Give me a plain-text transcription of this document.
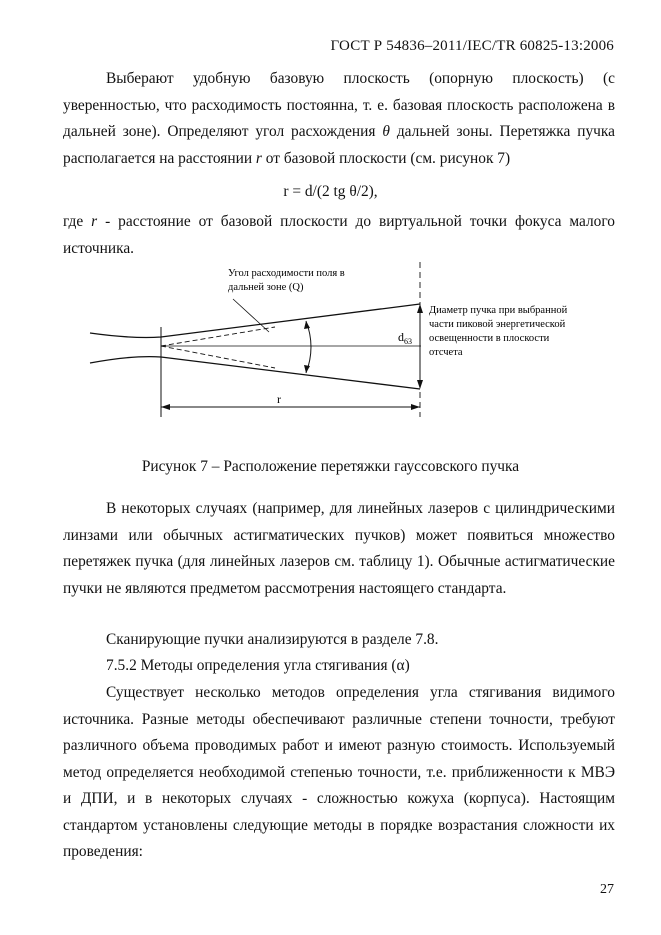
ГОСТ Р 54836–2011/IEC/TR 60825-13:2006

Выберают удобную базовую плоскость (опорную плоскость) (с уверенностью, что расходимость постоянна, т. е. базовая плоскость расположена в дальней зоне). Определяют угол расхождения θ дальней зоны. Перетяжка пучка располагается на расстоянии r от базовой плоскости (см. рисунок 7)

r = d/(2 tg θ/2),

где r - расстояние от базовой плоскости до виртуальной точки фокуса малого источника.

Угол расходимости поля в
дальней зоне (Q)
Диаметр пучка при выбранной
части пиковой энергетической
освещенности в плоскости
отсчета
$d_{63}$
r
Рисунок 7 – Расположение перетяжки гауссовского пучка

В некоторых случаях (например, для линейных лазеров с цилиндрическими линзами или обычных астигматических пучков) может появиться множество перетяжек пучка (для линейных лазеров см. таблицу 1). Обычные астигматические пучки не являются предметом рассмотрения настоящего стандарта.

Сканирующие пучки анализируются в разделе 7.8.

7.5.2 Методы определения угла стягивания (α)

Существует несколько методов определения угла стягивания видимого источника. Разные методы обеспечивают различные степени точности, требуют различного объема проводимых работ и имеют разную стоимость. Используемый метод определяется необходимой степенью точности, т.е. приближенности к МВЭ и ДПИ, и в некоторых случаях - сложностью кожуха (корпуса). Настоящим стандартом установлены следующие методы в порядке возрастания сложности их проведения:

27
